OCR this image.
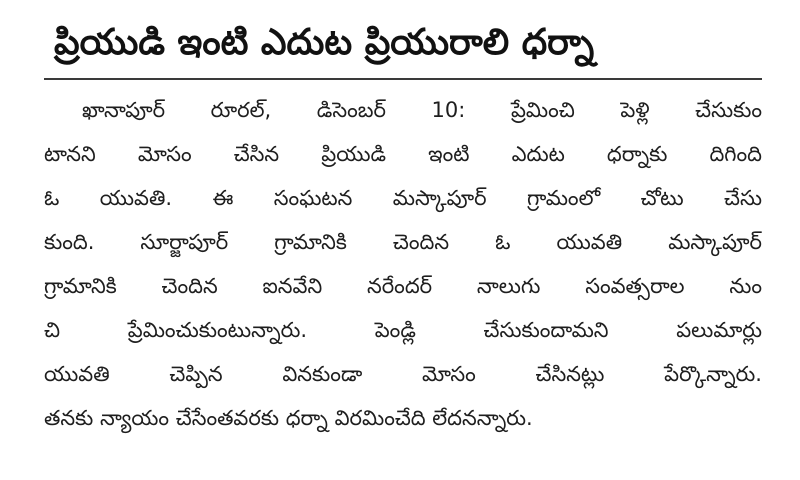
ప్రియుడి ఇంటి ఎదుట ప్రియురాలి ధర్నా
ఖానాపూర్ రూరల్, డిసెంబర్ 10: ప్రేమించి పెళ్లి చేసుకుం
టానని మోసం చేసిన ప్రియుడి ఇంటి ఎదుట ధర్నాకు దిగింది
ఓ యువతి. ఈ సంఘటన మస్కాపూర్ గ్రామంలో చోటు చేసు
కుంది. సూర్జాపూర్ గ్రామానికి చెందిన ఓ యువతి మస్కాపూర్
గ్రామానికి చెందిన ఐనవేని నరేందర్ నాలుగు సంవత్సరాల నుం
చి ప్రేమించుకుంటున్నారు. పెండ్లి చేసుకుందామని పలుమార్లు
యువతి చెప్పిన వినకుండా మోసం చేసినట్లు పేర్కొన్నారు.
తనకు న్యాయం చేసేంతవరకు ధర్నా విరమించేది లేదనన్నారు.
